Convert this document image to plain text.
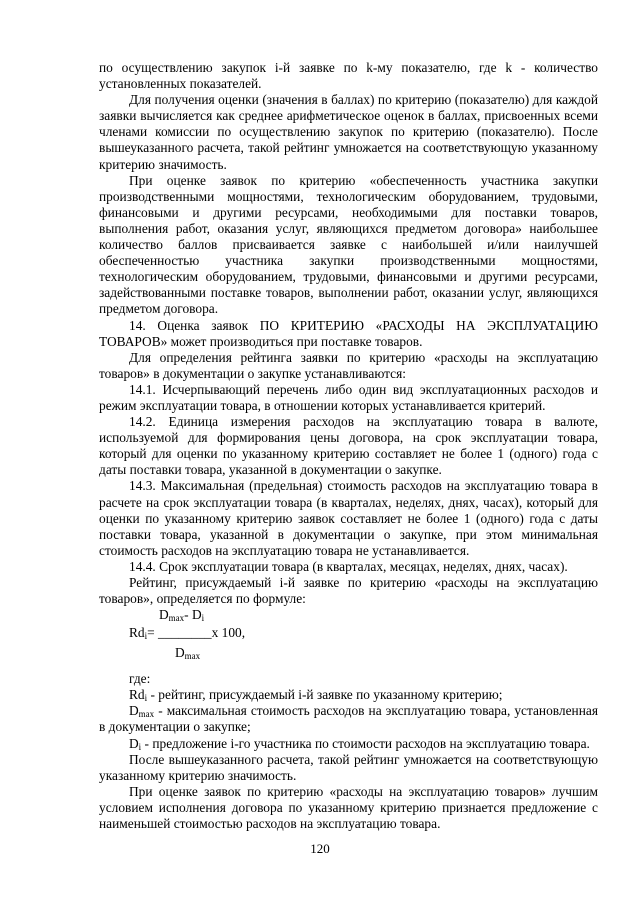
по осуществлению закупок i-й заявке по k-му показателю, где k - количество установленных показателей.

Для получения оценки (значения в баллах) по критерию (показателю) для каждой заявки вычисляется как среднее арифметическое оценок в баллах, присвоенных всеми членами комиссии по осуществлению закупок по критерию (показателю). После вышеуказанного расчета, такой рейтинг умножается на соответствующую указанному критерию значимость.

При оценке заявок по критерию «обеспеченность участника закупки производственными мощностями, технологическим оборудованием, трудовыми, финансовыми и другими ресурсами, необходимыми для поставки товаров, выполнения работ, оказания услуг, являющихся предметом договора» наибольшее количество баллов присваивается заявке с наибольшей и/или наилучшей обеспеченностью участника закупки производственными мощностями, технологическим оборудованием, трудовыми, финансовыми и другими ресурсами, задействованными поставке товаров, выполнении работ, оказании услуг, являющихся предметом договора.

14. Оценка заявок ПО КРИТЕРИЮ «РАСХОДЫ НА ЭКСПЛУАТАЦИЮ ТОВАРОВ» может производиться при поставке товаров.

Для определения рейтинга заявки по критерию «расходы на эксплуатацию товаров» в документации о закупке устанавливаются:

14.1. Исчерпывающий перечень либо один вид эксплуатационных расходов и режим эксплуатации товара, в отношении которых устанавливается критерий.

14.2. Единица измерения расходов на эксплуатацию товара в валюте, используемой для формирования цены договора, на срок эксплуатации товара, который для оценки по указанному критерию составляет не более 1 (одного) года с даты поставки товара, указанной в документации о закупке.

14.3. Максимальная (предельная) стоимость расходов на эксплуатацию товара в расчете на срок эксплуатации товара (в кварталах, неделях, днях, часах), который для оценки по указанному критерию заявок составляет не более 1 (одного) года с даты поставки товара, указанной в документации о закупке, при этом минимальная стоимость расходов на эксплуатацию товара не устанавливается.

14.4. Срок эксплуатации товара (в кварталах, месяцах, неделях, днях, часах).

Рейтинг, присуждаемый i-й заявке по критерию «расходы на эксплуатацию товаров», определяется по формуле:

$D_{max}-$ $D_i$
$Rd_i=$ ________x 100,
$D_{max}$

где:

$Rd_i$ - рейтинг, присуждаемый i-й заявке по указанному критерию;

$D_{max}$ - максимальная стоимость расходов на эксплуатацию товара, установленная в документации о закупке;

$D_i$ - предложение i-го участника по стоимости расходов на эксплуатацию товара.

После вышеуказанного расчета, такой рейтинг умножается на соответствующую указанному критерию значимость.

При оценке заявок по критерию «расходы на эксплуатацию товаров» лучшим условием исполнения договора по указанному критерию признается предложение с наименьшей стоимостью расходов на эксплуатацию товара.

120
